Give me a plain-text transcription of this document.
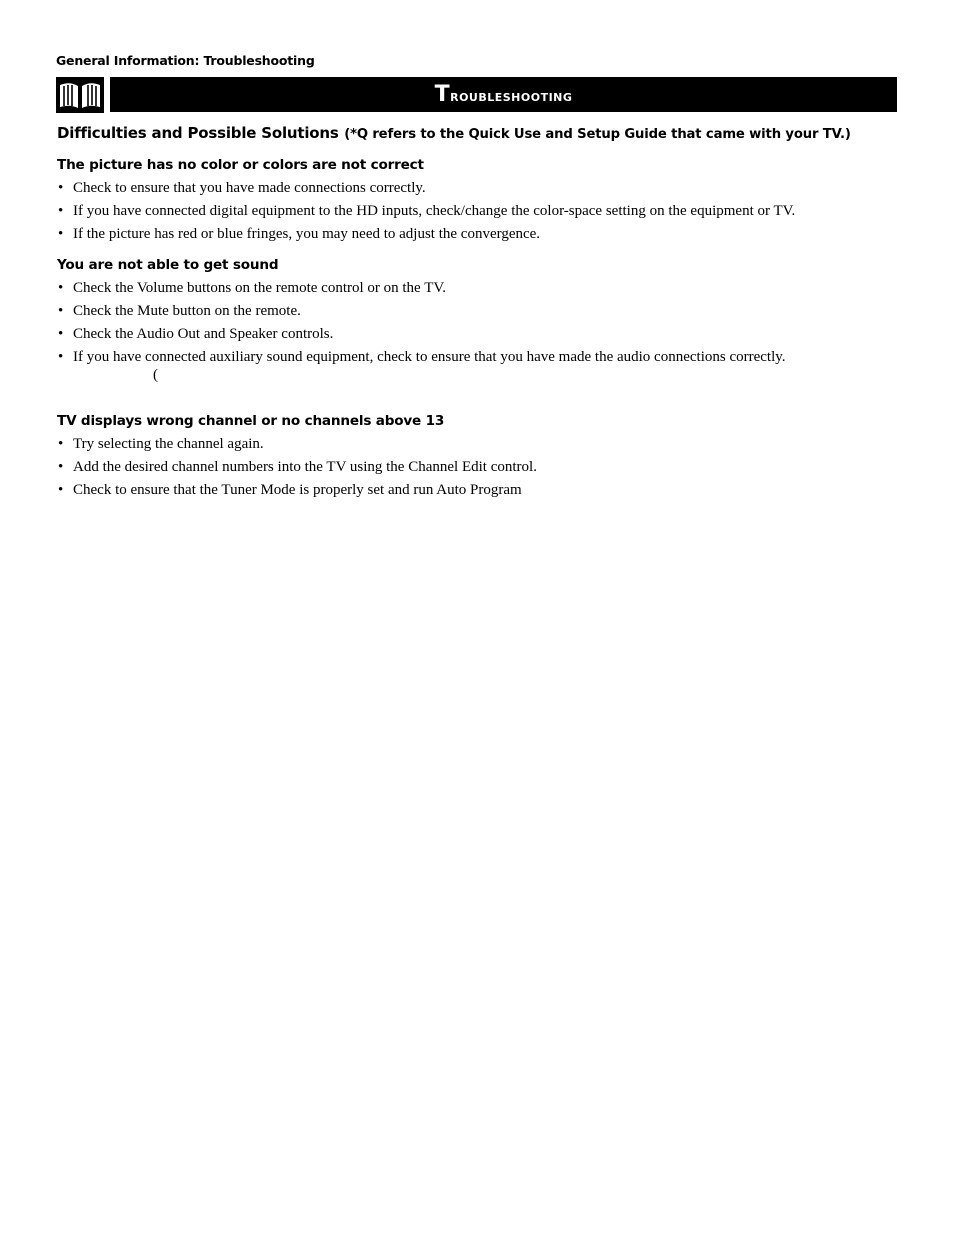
General Information: Troubleshooting
Troubleshooting
Difficulties and Possible Solutions (*Q refers to the Quick Use and Setup Guide that came with your TV.)
The picture has no color or colors are not correct
• Check to ensure that you have made connections correctly.
• If you have connected digital equipment to the HD inputs, check/change the color-space setting on the equipment or TV.
• If the picture has red or blue fringes, you may need to adjust the convergence.
You are not able to get sound
• Check the Volume buttons on the remote control or on the TV.
• Check the Mute button on the remote.
• Check the Audio Out and Speaker controls.
• If you have connected auxiliary sound equipment, check to ensure that you have made the audio connections correctly.
(
TV displays wrong channel or no channels above 13
• Try selecting the channel again.
• Add the desired channel numbers into the TV using the Channel Edit control.
• Check to ensure that the Tuner Mode is properly set and run Auto Program
